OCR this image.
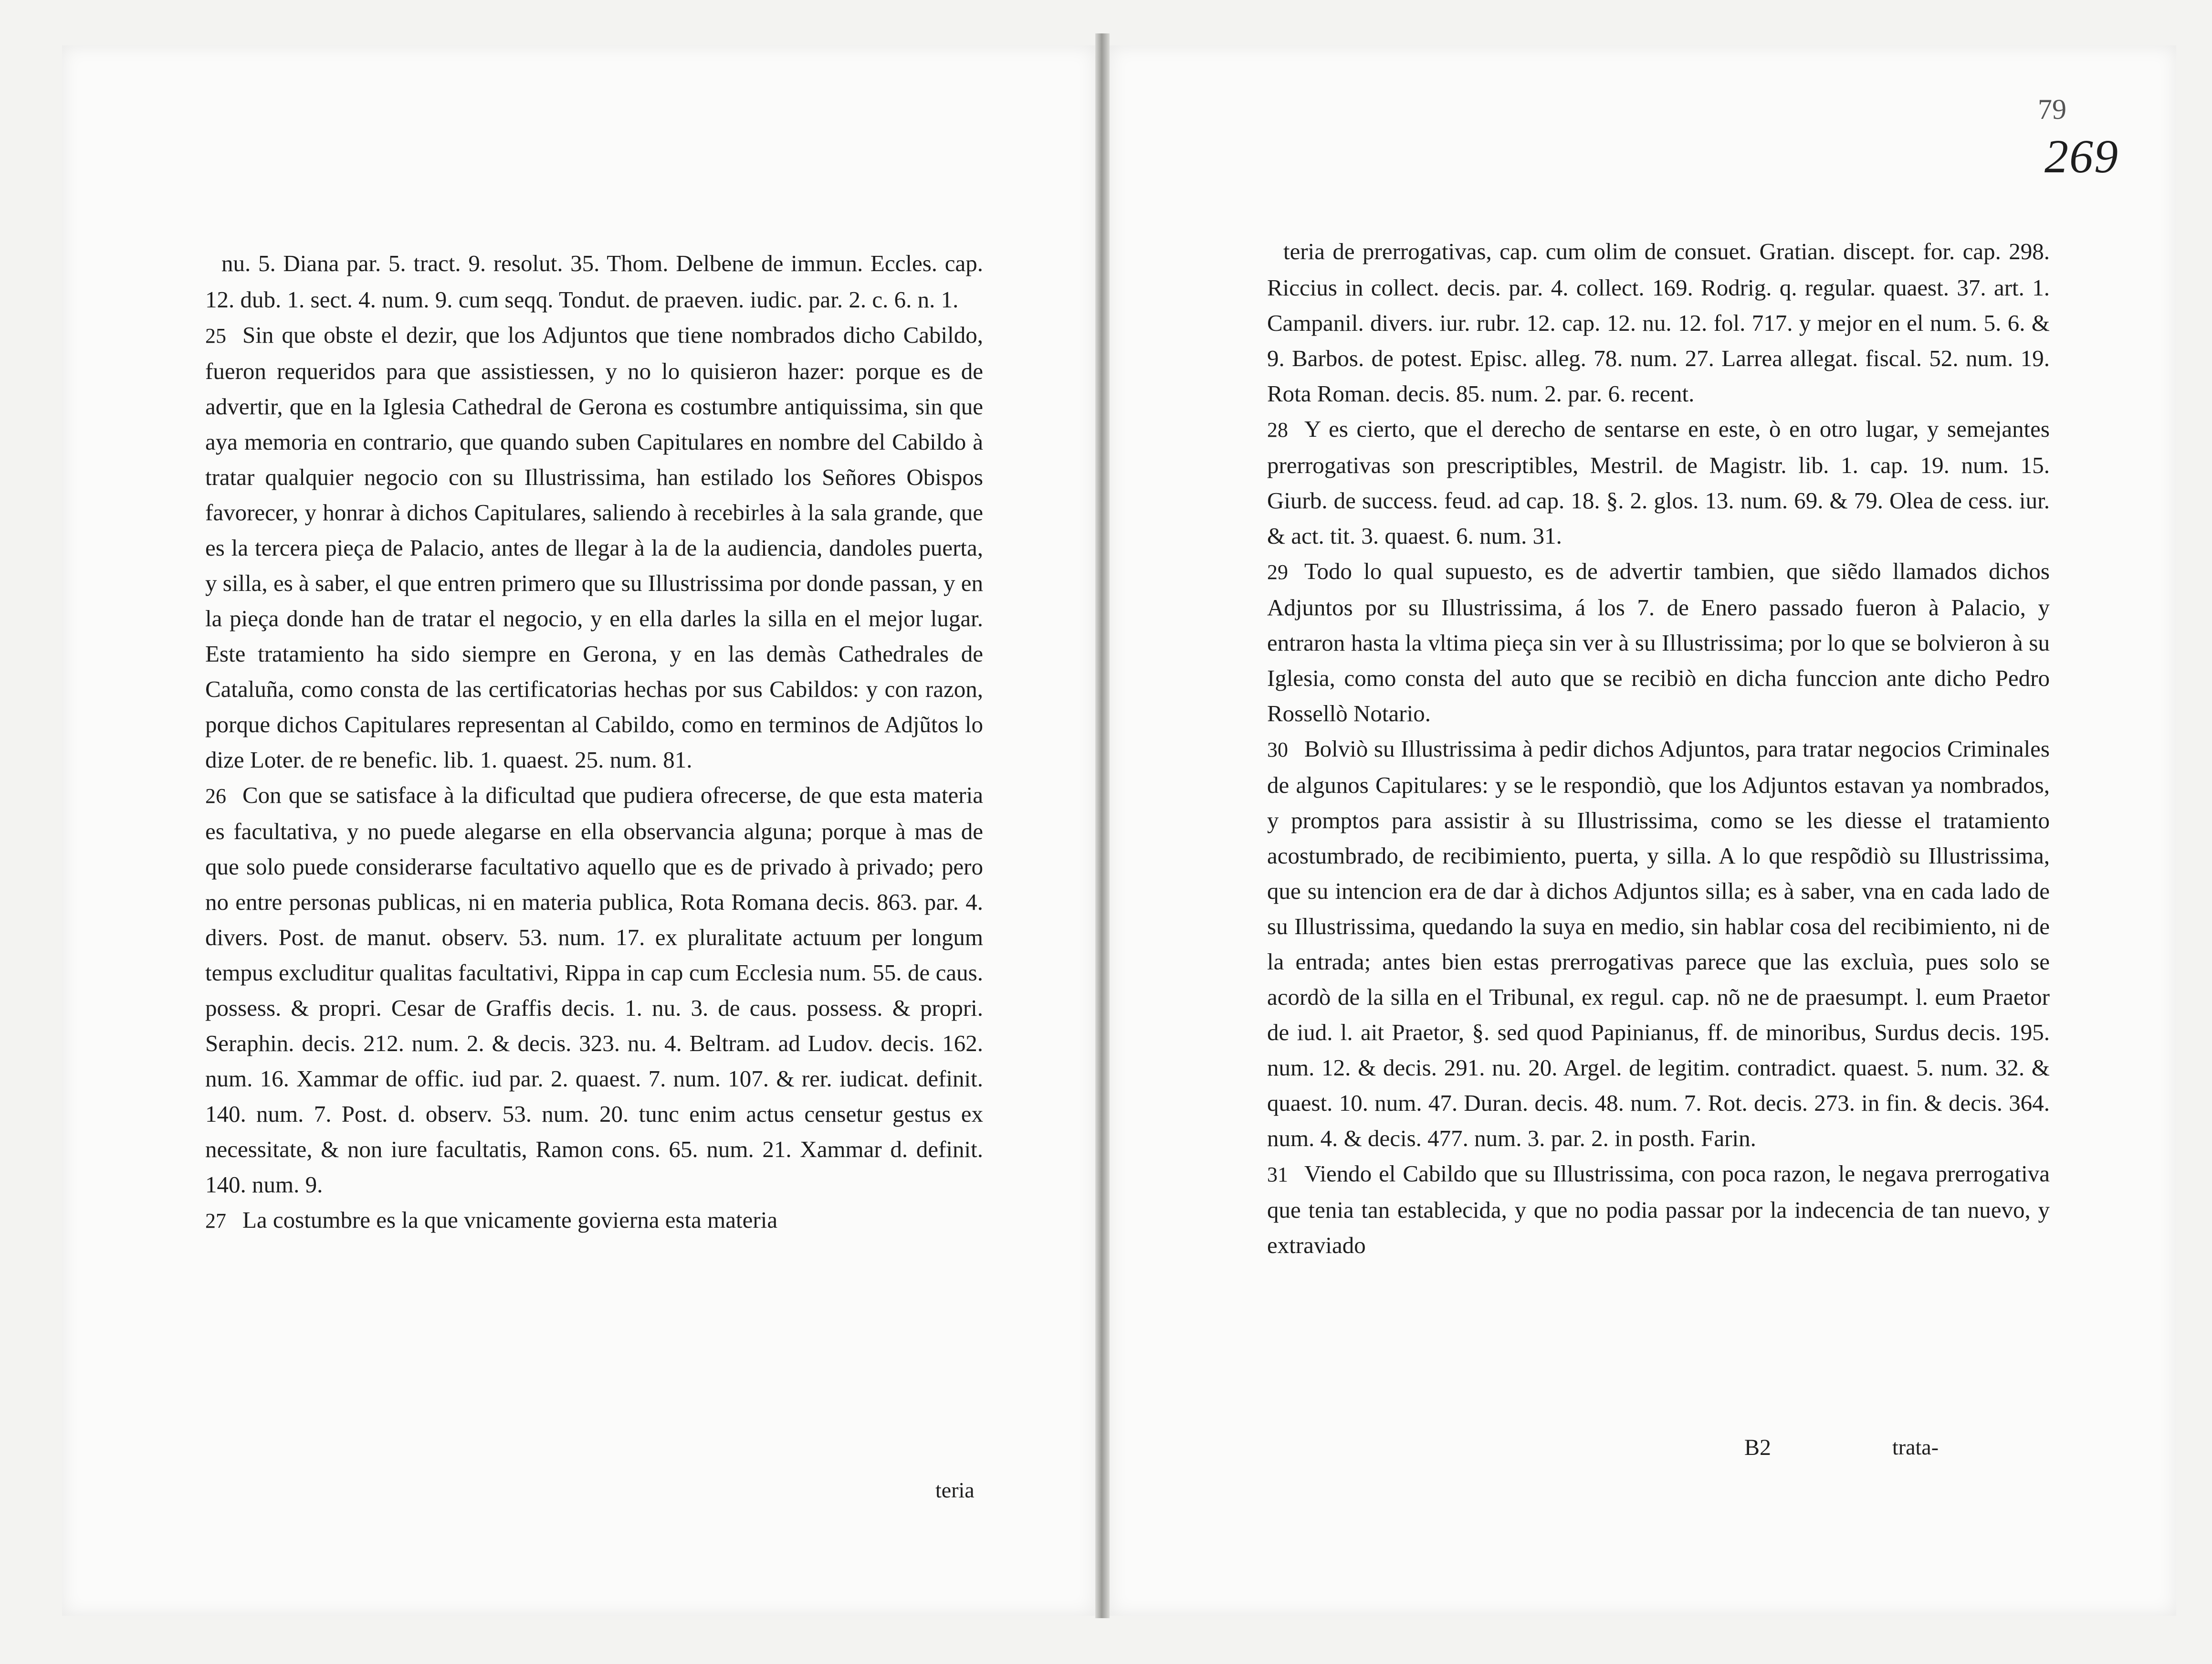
nu. 5. Diana par. 5. tract. 9. resolut. 35. Thom. Delbene de immun. Eccles. cap. 12. dub. 1. sect. 4. num. 9. cum seqq. Tondut. de praeven. iudic. par. 2. c. 6. n. 1.

25 Sin que obste el dezir, que los Adjuntos que tiene nombrados dicho Cabildo, fueron requeridos para que assistiessen, y no lo quisieron hazer: porque es de advertir, que en la Iglesia Cathedral de Gerona es costumbre antiquissima, sin que aya memoria en contrario, que quando suben Capitulares en nombre del Cabildo à tratar qualquier negocio con su Illustrissima, han estilado los Señores Obispos favorecer, y honrar à dichos Capitulares, saliendo à recebirles à la sala grande, que es la tercera pieça de Palacio, antes de llegar à la de la audiencia, dandoles puerta, y silla, es à saber, el que entren primero que su Illustrissima por donde passan, y en la pieça donde han de tratar el negocio, y en ella darles la silla en el mejor lugar. Este tratamiento ha sido siempre en Gerona, y en las demàs Cathedrales de Cataluña, como consta de las certificatorias hechas por sus Cabildos: y con razon, porque dichos Capitulares representan al Cabildo, como en terminos de Adjũtos lo dize Loter. de re benefic. lib. 1. quaest. 25. num. 81.

26 Con que se satisface à la dificultad que pudiera ofrecerse, de que esta materia es facultativa, y no puede alegarse en ella observancia alguna; porque à mas de que solo puede considerarse facultativo aquello que es de privado à privado; pero no entre personas publicas, ni en materia publica, Rota Romana decis. 863. par. 4. divers. Post. de manut. observ. 53. num. 17. ex pluralitate actuum per longum tempus excluditur qualitas facultativi, Rippa in cap cum Ecclesia num. 55. de caus. possess. & propri. Cesar de Graffis decis. 1. nu. 3. de caus. possess. & propri. Seraphin. decis. 212. num. 2. & decis. 323. nu. 4. Beltram. ad Ludov. decis. 162. num. 16. Xammar de offic. iud par. 2. quaest. 7. num. 107. & rer. iudicat. definit. 140. num. 7. Post. d. observ. 53. num. 20. tunc enim actus censetur gestus ex necessitate, & non iure facultatis, Ramon cons. 65. num. 21. Xammar d. definit. 140. num. 9.

27 La costumbre es la que vnicamente govierna esta materia

teria
79
269

teria de prerrogativas, cap. cum olim de consuet. Gratian. discept. for. cap. 298. Riccius in collect. decis. par. 4. collect. 169. Rodrig. q. regular. quaest. 37. art. 1. Campanil. divers. iur. rubr. 12. cap. 12. nu. 12. fol. 717. y mejor en el num. 5. 6. & 9. Barbos. de potest. Episc. alleg. 78. num. 27. Larrea allegat. fiscal. 52. num. 19. Rota Roman. decis. 85. num. 2. par. 6. recent.

28 Y es cierto, que el derecho de sentarse en este, ò en otro lugar, y semejantes prerrogativas son prescriptibles, Mestril. de Magistr. lib. 1. cap. 19. num. 15. Giurb. de success. feud. ad cap. 18. §. 2. glos. 13. num. 69. & 79. Olea de cess. iur. & act. tit. 3. quaest. 6. num. 31.

29 Todo lo qual supuesto, es de advertir tambien, que siẽdo llamados dichos Adjuntos por su Illustrissima, á los 7. de Enero passado fueron à Palacio, y entraron hasta la vltima pieça sin ver à su Illustrissima; por lo que se bolvieron à su Iglesia, como consta del auto que se recibiò en dicha funccion ante dicho Pedro Rossellò Notario.

30 Bolviò su Illustrissima à pedir dichos Adjuntos, para tratar negocios Criminales de algunos Capitulares: y se le respondiò, que los Adjuntos estavan ya nombrados, y promptos para assistir à su Illustrissima, como se les diesse el tratamiento acostumbrado, de recibimiento, puerta, y silla. A lo que respõdiò su Illustrissima, que su intencion era de dar à dichos Adjuntos silla; es à saber, vna en cada lado de su Illustrissima, quedando la suya en medio, sin hablar cosa del recibimiento, ni de la entrada; antes bien estas prerrogativas parece que las excluìa, pues solo se acordò de la silla en el Tribunal, ex regul. cap. nõ ne de praesumpt. l. eum Praetor de iud. l. ait Praetor, §. sed quod Papinianus, ff. de minoribus, Surdus decis. 195. num. 12. & decis. 291. nu. 20. Argel. de legitim. contradict. quaest. 5. num. 32. & quaest. 10. num. 47. Duran. decis. 48. num. 7. Rot. decis. 273. in fin. & decis. 364. num. 4. & decis. 477. num. 3. par. 2. in posth. Farin.

31 Viendo el Cabildo que su Illustrissima, con poca razon, le negava prerrogativa que tenia tan establecida, y que no podia passar por la indecencia de tan nuevo, y extraviado

B2	trata-
